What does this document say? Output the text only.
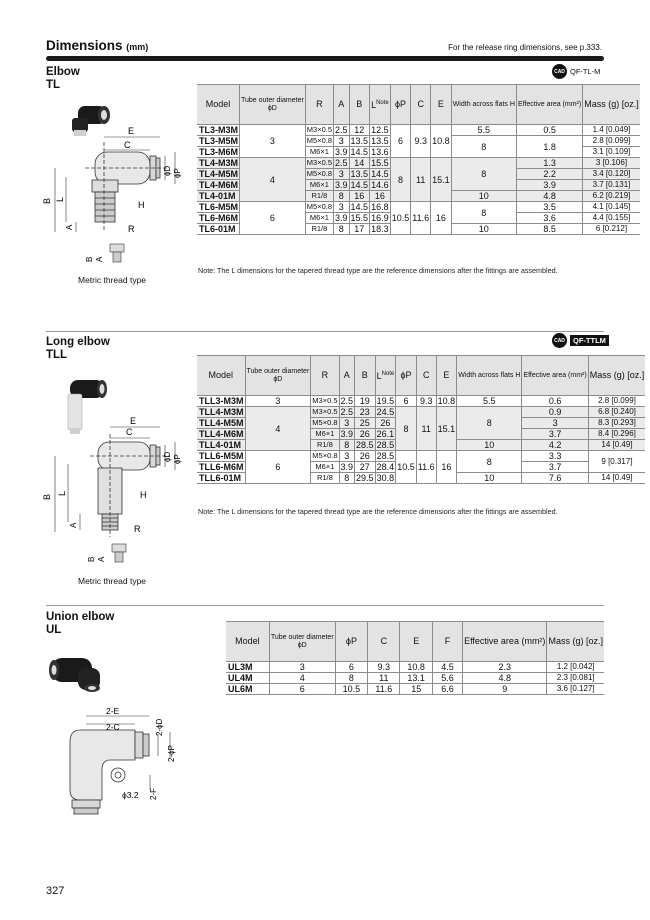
Dimensions (mm)	For the release ring dimensions, see p.333.
Elbow
TL
CAD QF-TL-M
E
C
ϕD ϕP
B L
H
A	R
B A
Metric thread type
Model	Tube outer diameter
ϕD	R	A	B	$L^{Note}$	ϕP	C	E	Width across flats H	Effective area (mm²)	Mass (g) [oz.]
TL3-M3M	3	M3×0.5	2.5	12	12.5	6	9.3	10.8	5.5	0.5	1.4 [0.049]
TL3-M5M		M5×0.8	3	13.5	13.5				8	1.8	2.8 [0.099]
TL3-M6M		M6×1	3.9	14.5	13.6						3.1 [0.109]
TL4-M3M	4	M3×0.5	2.5	14	15.5	8	11	15.1	8	1.3	3 [0.106]
TL4-M5M		M5×0.8	3	13.5	14.5					2.2	3.4 [0.120]
TL4-M6M		M6×1	3.9	14.5	14.6					3.9	3.7 [0.131]
TL4-01M		R1/8	8	16	16				10	4.8	6.2 [0.219]
TL6-M5M	6	M5×0.8	3	14.5	16.8	10.5	11.6	16	8	3.5	4.1 [0.145]
TL6-M6M		M6×1	3.9	15.5	16.9					3.6	4.4 [0.155]
TL6-01M		R1/8	8	17	18.3				10	8.5	6 [0.212]
Note: The L dimensions for the tapered thread type are the reference dimensions after the fittings are assembled.
Long elbow
TLL
CAD	QF-TTLM
E
C
ϕD ϕP
B
L	H
A	R
B A
Metric thread type
Model	Tube outer diameter
ϕD	R	A	B	$L^{Note}$	ϕP	C	E	Width across flats H	Effective area (mm²)	Mass (g) [oz.]
TLL3-M3M	3	M3×0.5	2.5	19	19.5	6	9.3	10.8	5.5	0.6	2.8 [0.099]
TLL4-M3M	4	M3×0.5	2.5	23	24.5	8	11	15.1	8	0.9	6.8 [0.240]
TLL4-M5M		M5×0.8	3	25	26					3	8.3 [0.293]
TLL4-M6M		M6×1	3.9	26	26.1					3.7	8.4 [0.296]
TLL4-01M		R1/8	8	28.5	28.5				10	4.2	14 [0.49]
TLL6-M5M	6	M5×0.8	3	26	28.5	10.5	11.6	16	8	3.3	9 [0.317]
TLL6-M6M		M6×1	3.9	27	28.4					3.7	
TLL6-01M		R1/8	8	29.5	30.8				10	7.6	14 [0.49]
Note: The L dimensions for the tapered thread type are the reference dimensions after the fittings are assembled.
Union elbow
UL
2-E
2-C	2-ϕD
2-ϕP
2-F
ϕ3.2
Model	Tube outer diameter
ϕD	ϕP	C	E	F	Effective area (mm²)	Mass (g) [oz.]
UL3M	3	6	9.3	10.8	4.5	2.3	1.2 [0.042]
UL4M	4	8	11	13.1	5.6	4.8	2.3 [0.081]
UL6M	6	10.5	11.6	15	6.6	9	3.6 [0.127]
327
